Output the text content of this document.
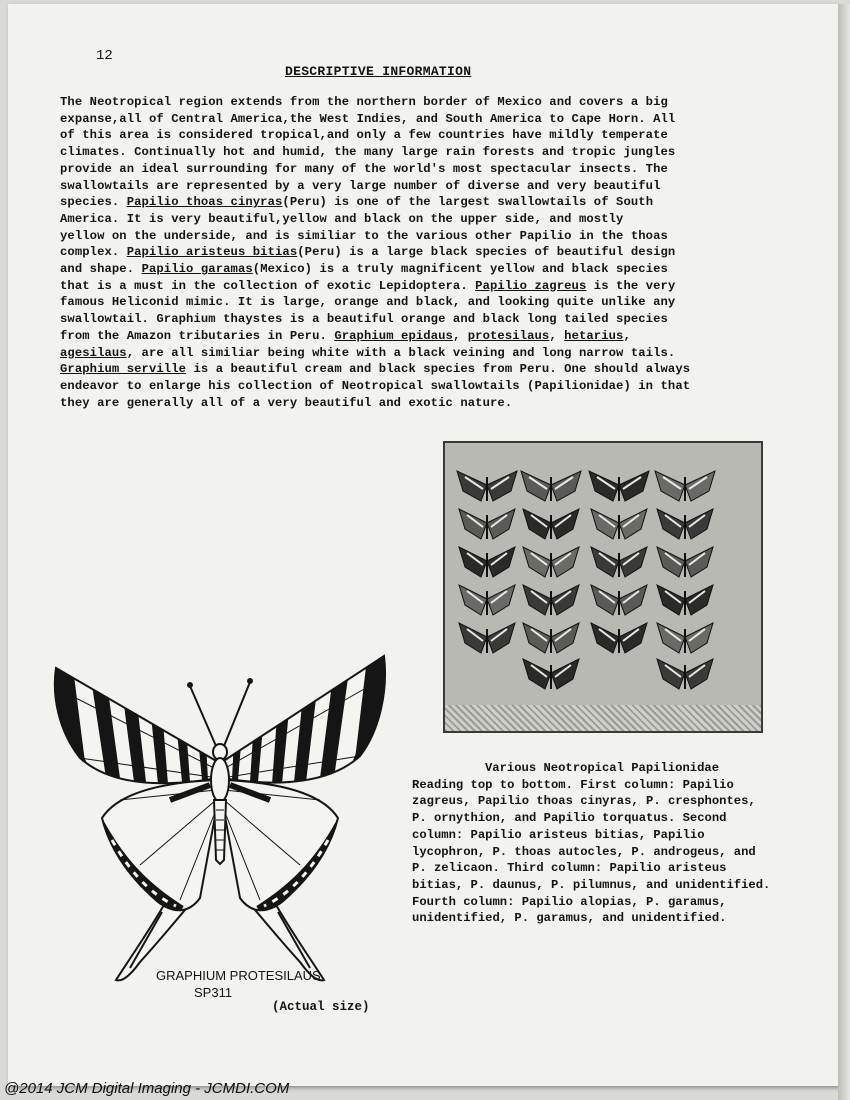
12
DESCRIPTIVE INFORMATION
The Neotropical region extends from the northern border of Mexico and covers a big
expanse,all of Central America,the West Indies, and South America to Cape Horn. All
of this area is considered tropical,and only a few countries have mildly temperate
climates. Continually hot and humid, the many large rain forests and tropic jungles
provide an ideal surrounding for many of the world's most spectacular insects. The
swallowtails are represented by a very large number of diverse and very beautiful
species. Papilio thoas cinyras(Peru) is one of the largest swallowtails of South
America. It is very beautiful,yellow and black on the upper side, and mostly
yellow on the underside, and is similiar to the various other Papilio in the thoas
complex. Papilio aristeus bitias(Peru) is a large black species of beautiful design
and shape. Papilio garamas(Mexico) is a truly magnificent yellow and black species
that is a must in the collection of exotic Lepidoptera. Papilio zagreus is the very
famous Heliconid mimic. It is large, orange and black, and looking quite unlike any
swallowtail. Graphium thaystes is a beautiful orange and black long tailed species
from the Amazon tributaries in Peru. Graphium epidaus, protesilaus, hetarius,
agesilaus, are all similiar being white with a black veining and long narrow tails.
Graphium serville is a beautiful cream and black species from Peru. One should always
endeavor to enlarge his collection of Neotropical swallowtails (Papilionidae) in that
they are generally all of a very beautiful and exotic nature.
Various Neotropical Papilionidae
Reading top to bottom. First column: Papilio
zagreus, Papilio thoas cinyras, P. cresphontes,
P. ornythion, and Papilio torquatus. Second
column: Papilio aristeus bitias, Papilio
lycophron, P. thoas autocles, P. androgeus, and
P. zelicaon. Third column: Papilio aristeus
bitias, P. daunus, P. pilumnus, and unidentified.
Fourth column: Papilio alopias, P. garamus,
unidentified, P. garamus, and unidentified.
GRAPHIUM PROTESILAUS
SP311
(Actual size)
@2014 JCM Digital Imaging - JCMDI.COM
